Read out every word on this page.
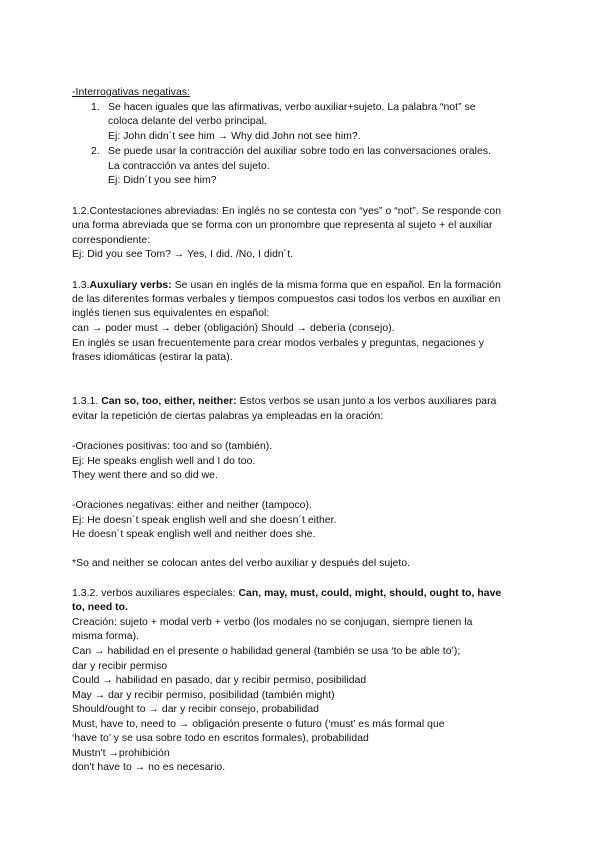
-Interrogativas negativas:
1. Se hacen iguales que las afirmativas, verbo auxiliar+sujeto. La palabra “not” se
coloca delante del verbo principal.
Ej: John didn´t see him → Why did John not see him?.
2. Se puede usar la contracción del auxiliar sobre todo en las conversaciones orales.
La contracción va antes del sujeto.
Ej: Didn´t you see him?
1.2.Contestaciones abreviadas: En inglés no se contesta con “yes” o “not”. Se responde con
una forma abreviada que se forma con un pronombre que representa al sujeto + el auxiliar
correspondiente:
Ej: Did you see Tom? → Yes, I did. /No, I didn´t.
1.3.Auxuliary verbs: Se usan en inglés de la misma forma que en español. En la formación
de las diferentes formas verbales y tiempos compuestos casi todos los verbos en auxiliar en
inglés tienen sus equivalentes en español:
can → poder must → deber (obligación) Should → debería (consejo).
En inglés se usan frecuentemente para crear modos verbales y preguntas, negaciones y
frases idiomáticas (estirar la pata).
1.3.1. Can so, too, either, neither: Estos verbos se usan junto a los verbos auxiliares para
evitar la repetición de ciertas palabras ya empleadas en la oración:
-Oraciones positivas: too and so (también).
Ej: He speaks english well and I do too.
They went there and so did we.
-Oraciones negativas: either and neither (tampoco).
Ej: He doesn´t speak english well and she doesn´t either.
He doesn´t speak english well and neither does she.
*So and neither se colocan antes del verbo auxiliar y después del sujeto.
1.3.2. verbos auxiliares especiales: Can, may, must, could, might, should, ought to, have
to, need to.
Creación: sujeto + modal verb + verbo (los modales no se conjugan, siempre tienen la
misma forma).
Can → habilidad en el presente o habilidad general (también se usa ‘to be able to’);
dar y recibir permiso
Could → habilidad en pasado, dar y recibir permiso, posibilidad
May → dar y recibir permiso, posibilidad (también might)
Should/ought to → dar y recibir consejo, probabilidad
Must, have to, need to → obligación presente o futuro (‘must’ es más formal que
‘have to’ y se usa sobre todo en escritos formales), probabilidad
Mustn't →prohibición
don't have to → no es necesario.
